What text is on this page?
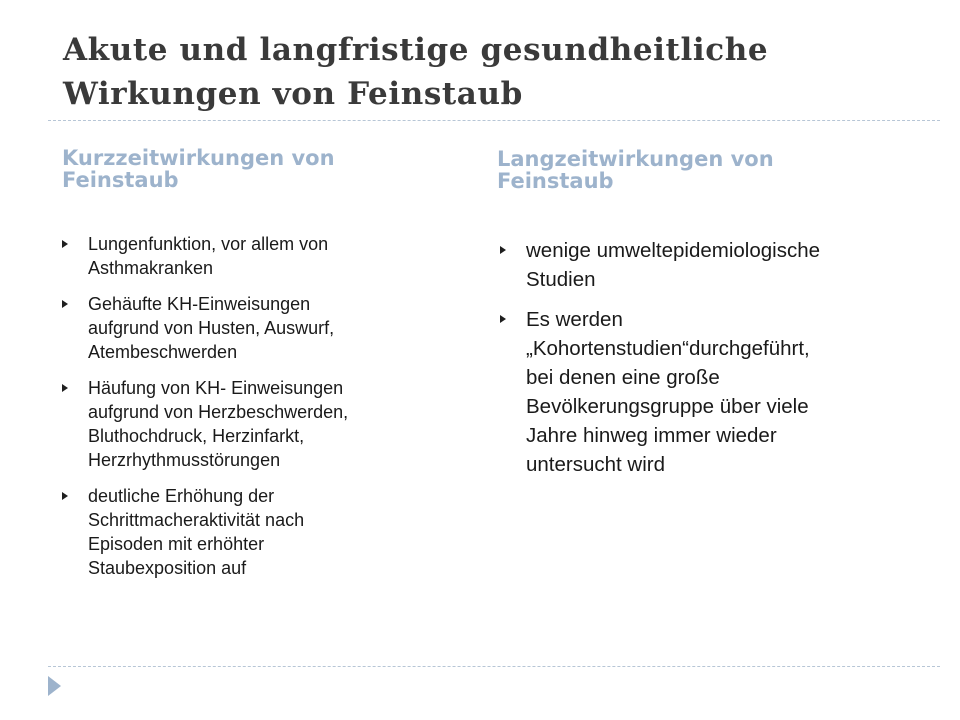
Akute und langfristige gesundheitliche
Wirkungen von Feinstaub
Kurzzeitwirkungen von
Feinstaub
Langzeitwirkungen von
Feinstaub
Lungenfunktion, vor allem von
Asthmakranken
Gehäufte KH-Einweisungen
aufgrund von Husten, Auswurf,
Atembeschwerden
Häufung von KH- Einweisungen
aufgrund von Herzbeschwerden,
Bluthochdruck, Herzinfarkt,
Herzrhythmusstörungen
deutliche Erhöhung der
Schrittmacheraktivität nach
Episoden mit erhöhter
Staubexposition auf
wenige umweltepidemiologische
Studien
Es werden
„Kohortenstudien“durchgeführt,
bei denen eine große
Bevölkerungsgruppe über viele
Jahre hinweg immer wieder
untersucht wird
